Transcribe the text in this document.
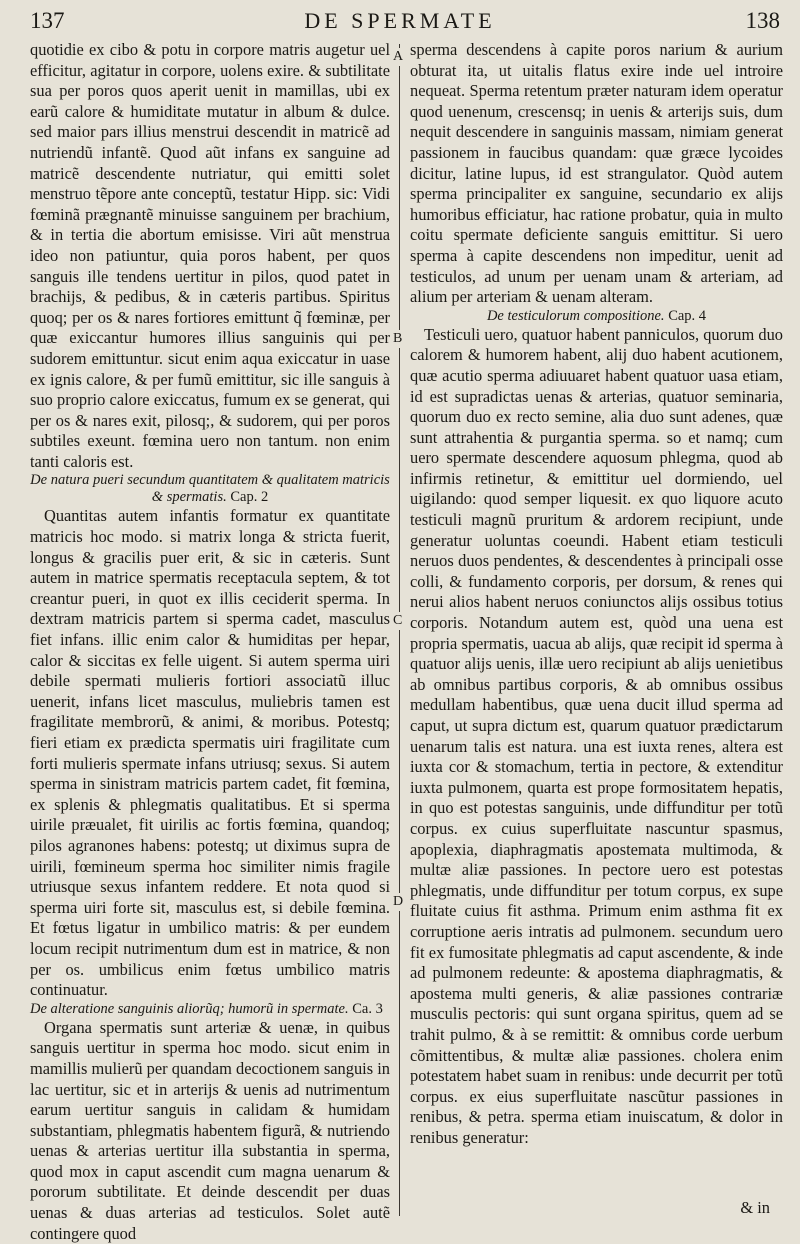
137	DE SPERMATE	138
A
B
C
D

quotidie ex cibo & potu in corpore matris augetur uel efficitur, agitatur in corpore, uolens exire. & subtilitate sua per poros quos aperit uenit in mamillas, ubi ex earũ calore & humiditate mutatur in album & dulce. sed maior pars illius menstrui descendit in matricẽ ad nutriendũ infantẽ. Quod aũt infans ex sanguine ad matricẽ descendente nutriatur, qui emitti solet menstruo tẽpore ante conceptũ, testatur Hipp. sic: Vidi fœminã prægnantẽ minuisse sanguinem per brachium, & in tertia die abortum emisisse. Viri aũt menstrua ideo non patiuntur, quia poros habent, per quos sanguis ille tendens uertitur in pilos, quod patet in brachijs, & pedibus, & in cæteris partibus. Spiritus quoq; per os & nares fortiores emittunt q̃ fœminæ, per quæ exiccantur humores illius sanguinis qui per sudorem emittuntur. sicut enim aqua exiccatur in uase ex ignis calore, & per fumũ emittitur, sic ille sanguis à suo proprio calore exiccatus, fumum ex se generat, qui per os & nares exit, pilosq;, & sudorem, qui per poros subtiles exeunt. fœmina uero non tantum. non enim tanti caloris est.

De natura pueri secundum quantitatem & qualitatem matricis & spermatis. Cap. 2

Quantitas autem infantis formatur ex quantitate matricis hoc modo. si matrix longa & stricta fuerit, longus & gracilis puer erit, & sic in cæteris. Sunt autem in matrice spermatis receptacula septem, & tot creantur pueri, in quot ex illis ceciderit sperma. In dextram matricis partem si sperma cadet, masculus fiet infans. illic enim calor & humiditas per hepar, calor & siccitas ex felle uigent. Si autem sperma uiri debile spermati mulieris fortiori associatũ illuc uenerit, infans licet masculus, muliebris tamen est fragilitate membrorũ, & animi, & moribus. Potestq; fieri etiam ex prædicta spermatis uiri fragilitate cum forti mulieris spermate infans utriusq; sexus. Si autem sperma in sinistram matricis partem cadet, fit fœmina, ex splenis & phlegmatis qualitatibus. Et si sperma uirile præualet, fit uirilis ac fortis fœmina, quandoq; pilos agranones habens: potestq; ut diximus supra de uirili, fœmineum sperma hoc similiter nimis fragile utriusque sexus infantem reddere. Et nota quod si sperma uiri forte sit, masculus est, si debile fœmina. Et fœtus ligatur in umbilico matris: & per eundem locum recipit nutrimentum dum est in matrice, & non per os. umbilicus enim fœtus umbilico matris continuatur.

De alteratione sanguinis aliorũq; humorũ in spermate. Ca. 3

Organa spermatis sunt arteriæ & uenæ, in quibus sanguis uertitur in sperma hoc modo. sicut enim in mamillis mulierũ per quandam decoctionem sanguis in lac uertitur, sic et in arterijs & uenis ad nutrimentum earum uertitur sanguis in calidam & humidam substantiam, phlegmatis habentem figurã, & nutriendo uenas & arterias uertitur illa substantia in sperma, quod mox in caput ascendit cum magna uenarum & pororum subtilitate. Et deinde descendit per duas uenas & duas arterias ad testiculos. Solet autẽ contingere quod

sperma descendens à capite poros narium & aurium obturat ita, ut uitalis flatus exire inde uel introire nequeat. Sperma retentum præter naturam idem operatur quod uenenum, crescensq; in uenis & arterijs suis, dum nequit descendere in sanguinis massam, nimiam generat passionem in faucibus quandam: quæ græce lycoides dicitur, latine lupus, id est strangulator. Quòd autem sperma principaliter ex sanguine, secundario ex alijs humoribus efficiatur, hac ratione probatur, quia in multo coitu spermate deficiente sanguis emittitur. Si uero sperma à capite descendens non impeditur, uenit ad testiculos, ad unum per uenam unam & arteriam, ad alium per arteriam & uenam alteram.

De testiculorum compositione. Cap. 4

Testiculi uero, quatuor habent panniculos, quorum duo calorem & humorem habent, alij duo habent acutionem, quæ acutio sperma adiuuaret habent quatuor uasa etiam, id est supradictas uenas & arterias, quatuor seminaria, quorum duo ex recto semine, alia duo sunt adenes, quæ sunt attrahentia & purgantia sperma. so et namq; cum uero spermate descendere aquosum phlegma, quod ab infirmis retinetur, & emittitur uel dormiendo, uel uigilando: quod semper liquesit. ex quo liquore acuto testiculi magnũ pruritum & ardorem recipiunt, unde generatur uoluntas coeundi. Habent etiam testiculi neruos duos pendentes, & descendentes à principali osse colli, & fundamento corporis, per dorsum, & renes qui nerui alios habent neruos coniunctos alijs ossibus totius corporis. Notandum autem est, quòd una uena est propria spermatis, uacua ab alijs, quæ recipit id sperma à quatuor alijs uenis, illæ uero recipiunt ab alijs uenietibus ab omnibus partibus corporis, & ab omnibus ossibus medullam habentibus, quæ uena ducit illud sperma ad caput, ut supra dictum est, quarum quatuor prædictarum uenarum talis est natura. una est iuxta renes, altera est iuxta cor & stomachum, tertia in pectore, & extenditur iuxta pulmonem, quarta est prope formositatem hepatis, in quo est potestas sanguinis, unde diffunditur per totũ corpus. ex cuius superfluitate nascuntur spasmus, apoplexia, diaphragmatis apostemata multimoda, & multæ aliæ passiones. In pectore uero est potestas phlegmatis, unde diffunditur per totum corpus, ex supe fluitate cuius fit asthma. Primum enim asthma fit ex corruptione aeris intratis ad pulmonem. secundum uero fit ex fumositate phlegmatis ad caput ascendente, & inde ad pulmonem redeunte: & apostema diaphragmatis, & apostema multi generis, & aliæ passiones contrariæ musculis pectoris: qui sunt organa spiritus, quem ad se trahit pulmo, & à se remittit: & omnibus corde uerbum cõmittentibus, & multæ aliæ passiones. cholera enim potestatem habet suam in renibus: unde decurrit per totũ corpus. ex eius superfluitate nascũtur passiones in renibus, & petra. sperma etiam inuiscatum, & dolor in renibus generatur:

& in
